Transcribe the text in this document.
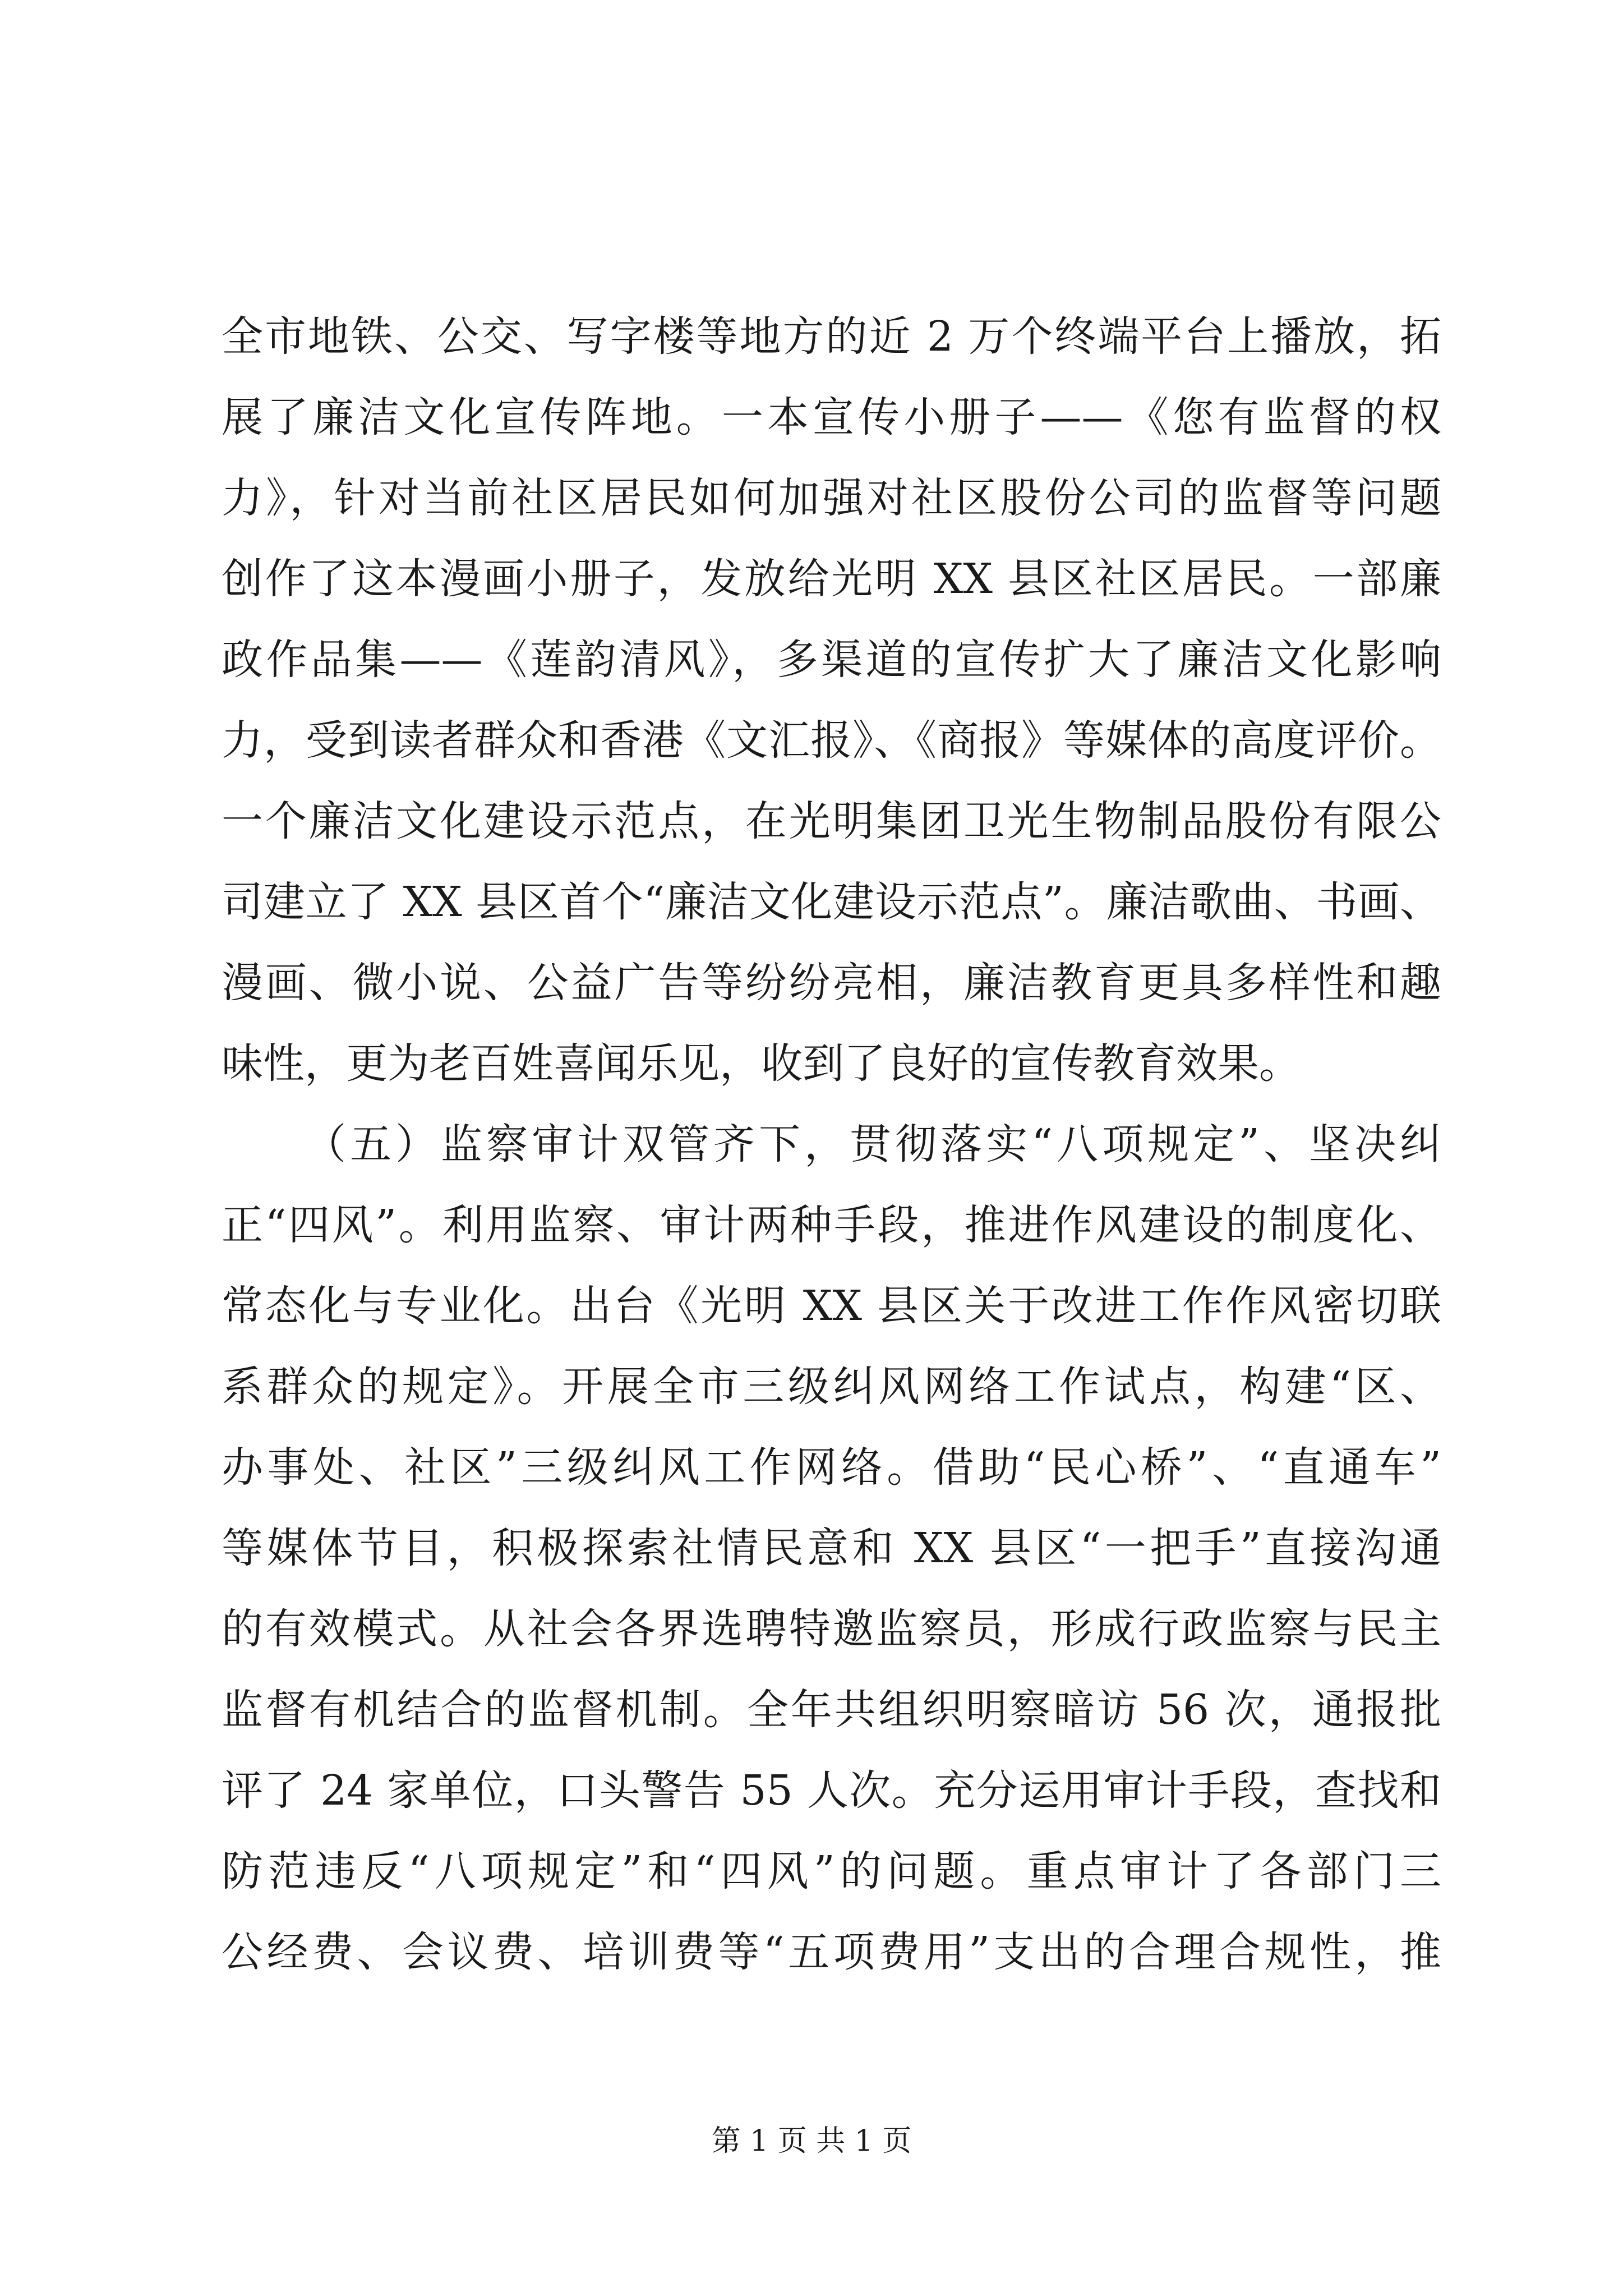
全市地铁、公交、写字楼等地方的近 2 万个终端平台上播放，拓
展了廉洁文化宣传阵地。一本宣传小册子——《您有监督的权
力》，针对当前社区居民如何加强对社区股份公司的监督等问题
创作了这本漫画小册子，发放给光明 XX 县区社区居民。一部廉
政作品集——《莲韵清风》，多渠道的宣传扩大了廉洁文化影响
力，受到读者群众和香港《文汇报》、《商报》等媒体的高度评价。
一个廉洁文化建设示范点，在光明集团卫光生物制品股份有限公
司建立了 XX 县区首个“廉洁文化建设示范点”。廉洁歌曲、书画、
漫画、微小说、公益广告等纷纷亮相，廉洁教育更具多样性和趣
味性，更为老百姓喜闻乐见，收到了良好的宣传教育效果。
（五）监察审计双管齐下，贯彻落实“八项规定”、坚决纠
正“四风”。利用监察、审计两种手段，推进作风建设的制度化、
常态化与专业化。出台《光明 XX 县区关于改进工作作风密切联
系群众的规定》。开展全市三级纠风网络工作试点，构建“区、
办事处、社区”三级纠风工作网络。借助“民心桥”、“直通车”
等媒体节目，积极探索社情民意和 XX 县区“一把手”直接沟通
的有效模式。从社会各界选聘特邀监察员，形成行政监察与民主
监督有机结合的监督机制。全年共组织明察暗访 56 次，通报批
评了 24 家单位，口头警告 55 人次。充分运用审计手段，查找和
防范违反“八项规定”和“四风”的问题。重点审计了各部门三
公经费、会议费、培训费等“五项费用”支出的合理合规性，推
第 1 页 共 1 页
